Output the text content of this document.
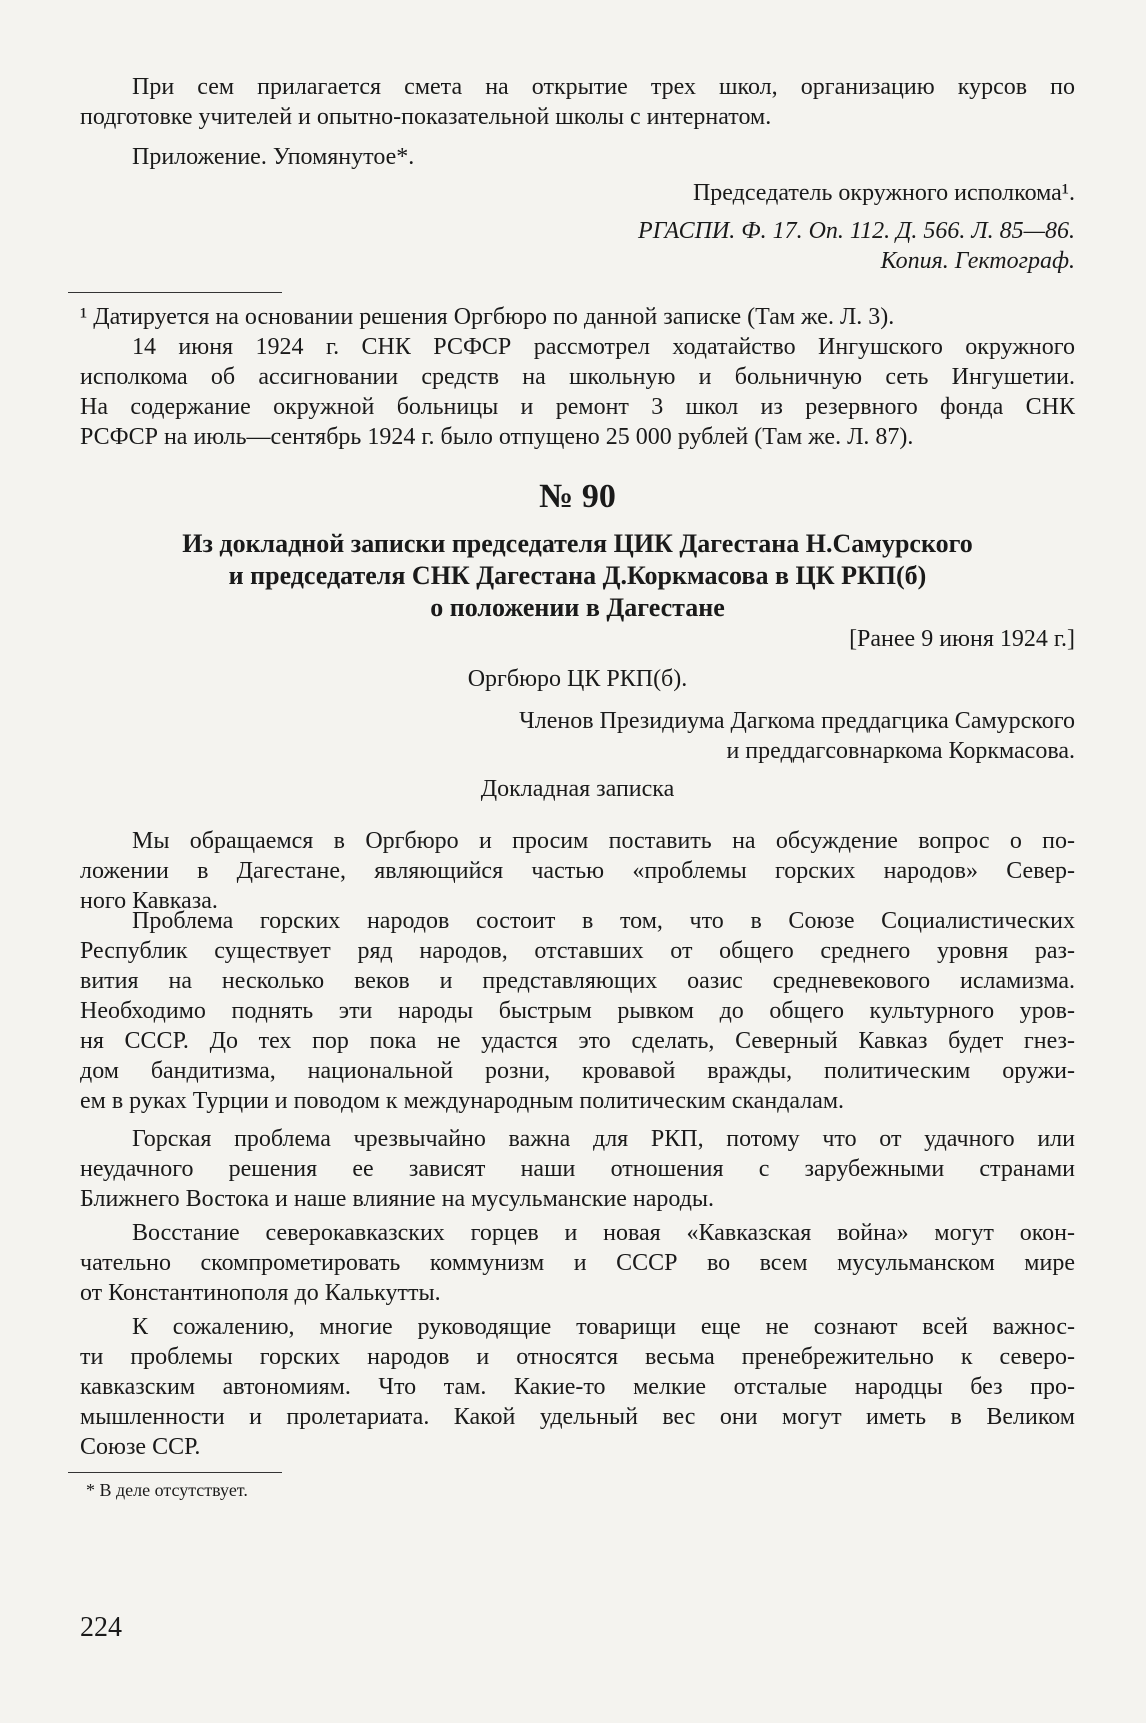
При сем прилагается смета на открытие трех школ, организацию курсов по

подготовке учителей и опытно-показательной школы с интернатом.

Приложение. Упомянутое*.

Председатель окружного исполкома¹.

РГАСПИ. Ф. 17. Оп. 112. Д. 566. Л. 85—86.

Копия. Гектограф.

¹ Датируется на основании решения Оргбюро по данной записке (Там же. Л. 3).

14 июня 1924 г. СНК РСФСР рассмотрел ходатайство Ингушского окружного

исполкома об ассигновании средств на школьную и больничную сеть Ингушетии.

На содержание окружной больницы и ремонт 3 школ из резервного фонда СНК

РСФСР на июль—сентябрь 1924 г. было отпущено 25 000 рублей (Там же. Л. 87).

№ 90

Из докладной записки председателя ЦИК Дагестана Н.Самурского

и председателя СНК Дагестана Д.Коркмасова в ЦК РКП(б)

о положении в Дагестане

[Ранее 9 июня 1924 г.]

Оргбюро ЦК РКП(б).

Членов Президиума Дагкома преддагцика Самурского

и преддагсовнаркома Коркмасова.

Докладная записка

Мы обращаемся в Оргбюро и просим поставить на обсуждение вопрос о по-

ложении в Дагестане, являющийся частью «проблемы горских народов» Север-

ного Кавказа.

Проблема горских народов состоит в том, что в Союзе Социалистических

Республик существует ряд народов, отставших от общего среднего уровня раз-

вития на несколько веков и представляющих оазис средневекового исламизма.

Необходимо поднять эти народы быстрым рывком до общего культурного уров-

ня СССР. До тех пор пока не удастся это сделать, Северный Кавказ будет гнез-

дом бандитизма, национальной розни, кровавой вражды, политическим оружи-

ем в руках Турции и поводом к международным политическим скандалам.

Горская проблема чрезвычайно важна для РКП, потому что от удачного или

неудачного решения ее зависят наши отношения с зарубежными странами

Ближнего Востока и наше влияние на мусульманские народы.

Восстание северокавказских горцев и новая «Кавказская война» могут окон-

чательно скомпрометировать коммунизм и СССР во всем мусульманском мире

от Константинополя до Калькутты.

К сожалению, многие руководящие товарищи еще не сознают всей важнос-

ти проблемы горских народов и относятся весьма пренебрежительно к северо-

кавказским автономиям. Что там. Какие-то мелкие отсталые народцы без про-

мышленности и пролетариата. Какой удельный вес они могут иметь в Великом

Союзе ССР.

* В деле отсутствует.

224
